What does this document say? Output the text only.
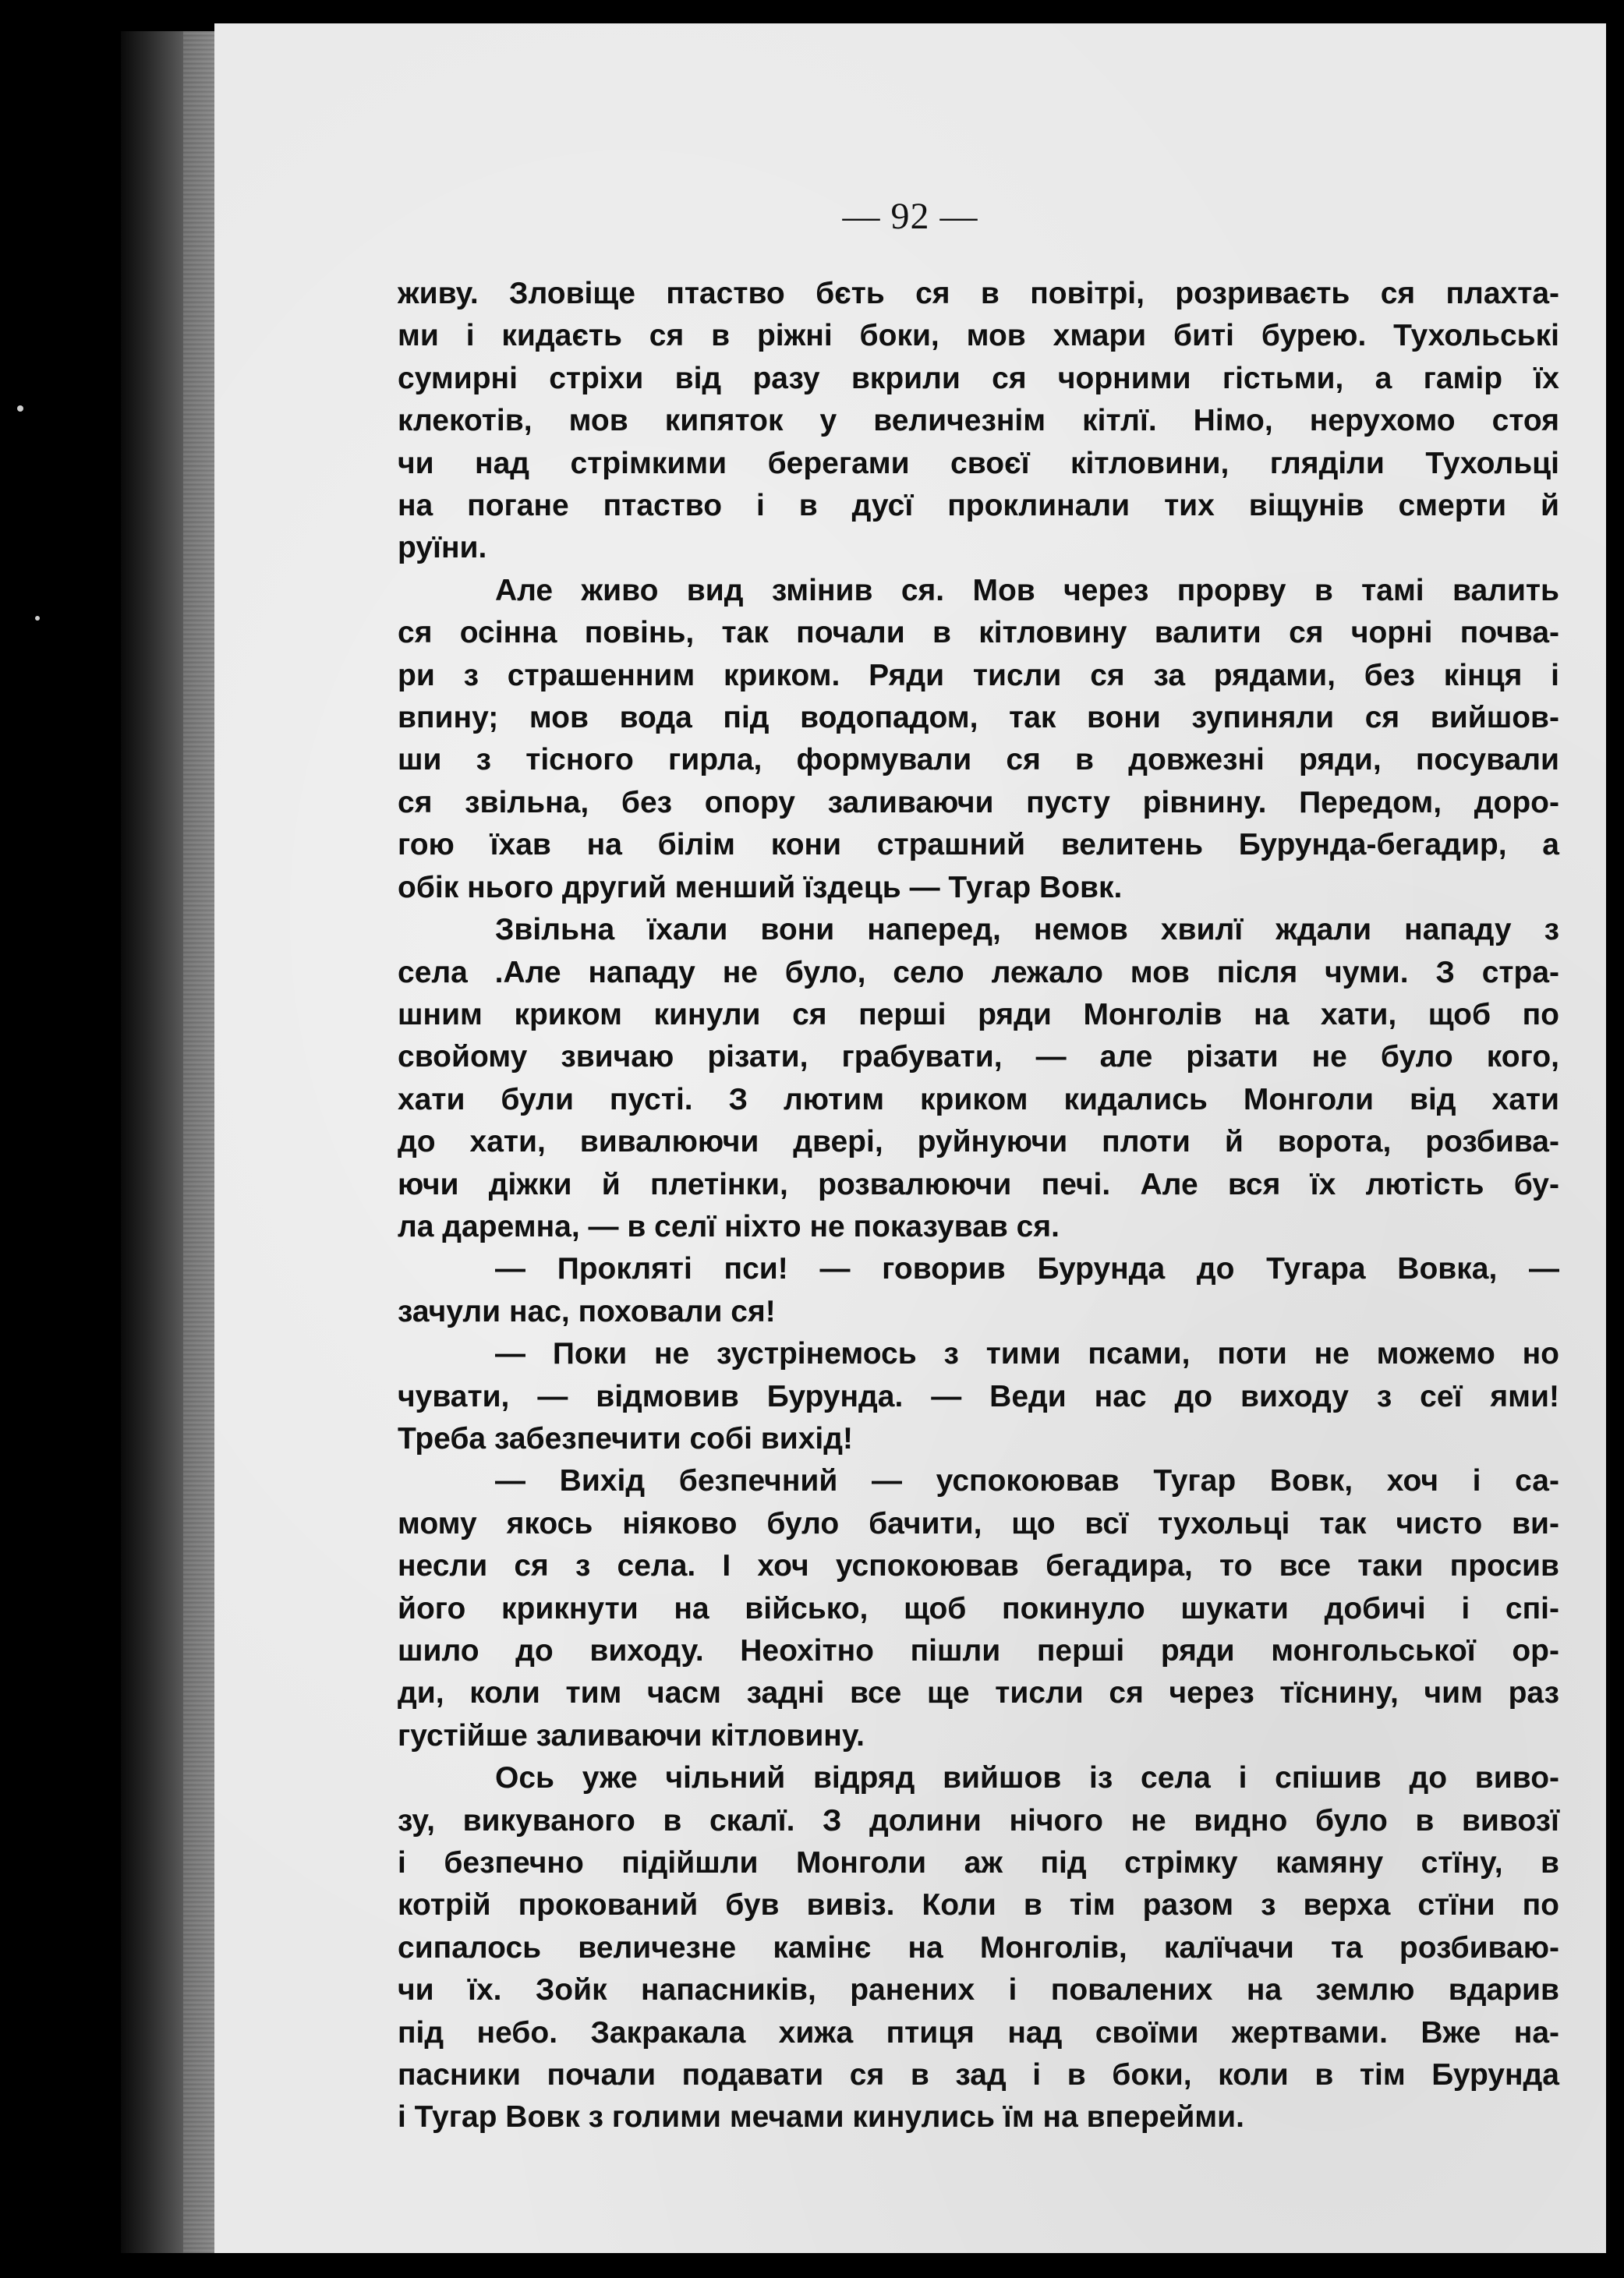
— 92 —
живу. Зловіще птаство бєть ся в повітрі, розриваєть ся плахта-
ми і кидаєть ся в ріжні боки, мов хмари биті бурею. Тухольські
сумирні стріхи від разу вкрили ся чорними гістьми, а гамір їх
клекотів, мов кипяток у величезнім кітлї. Німо, нерухомо стоя
чи над стрімкими берегами своєї кітловини, гляділи Тухольці
на погане птаство і в дусї проклинали тих віщунів смерти й
руїни.
Але живо вид змінив ся. Мов через прорву в тамі валить
ся осінна повінь, так почали в кітловину валити ся чорні почва-
ри з страшенним криком. Ряди тисли ся за рядами, без кінця і
впину; мов вода під водопадом, так вони зупиняли ся вийшов-
ши з тісного гирла, формували ся в довжезні ряди, посували
ся звільна, без опору заливаючи пусту рівнину. Передом, доро-
гою їхав на білім кони страшний велитень Бурунда-бегадир, а
обік нього другий менший їздець — Тугар Вовк.
Звільна їхали вони наперед, немов хвилї ждали нападу з
села .Але нападу не було, село лежало мов після чуми. З стра-
шним криком кинули ся перші ряди Монголів на хати, щоб по
свойому звичаю різати, грабувати, — але різати не було кого,
хати були пусті. З лютим криком кидались Монголи від хати
до хати, вивалюючи двері, руйнуючи плоти й ворота, розбива-
ючи діжки й плетінки, розвалюючи печі. Але вся їх лютість бу-
ла даремна, — в селї ніхто не показував ся.
— Прокляті пси! — говорив Бурунда до Тугара Вовка, —
зачули нас, поховали ся!
— Поки не зустрінемось з тими псами, поти не можемо но
чувати, — відмовив Бурунда. — Веди нас до виходу з сеї ями!
Треба забезпечити собі вихід!
— Вихід безпечний — успокоював Тугар Вовк, хоч і са-
мому якось ніяково було бачити, що всї тухольці так чисто ви-
несли ся з села. І хоч успокоював бегадира, то все таки просив
його крикнути на військо, щоб покинуло шукати добичі і спі-
шило до виходу. Неохітно пішли перші ряди монгольської ор-
ди, коли тим часм задні все ще тисли ся через тїснину, чим раз
густійше заливаючи кітловину.
Ось уже чільний відряд вийшов із села і спішив до виво-
зу, викуваного в скалї. З долини нічого не видно було в вивозї
і безпечно підійшли Монголи аж під стрімку камяну стїну, в
котрій прокований був вивіз. Коли в тім разом з верха стїни по
сипалось величезне камінє на Монголів, калїчачи та розбиваю-
чи їх. Зойк напасників, ранених і повалених на землю вдарив
під небо. Закракала хижа птиця над своїми жертвами. Вже на-
пасники почали подавати ся в зад і в боки, коли в тім Бурунда
і Тугар Вовк з голими мечами кинулись їм на вперейми.
